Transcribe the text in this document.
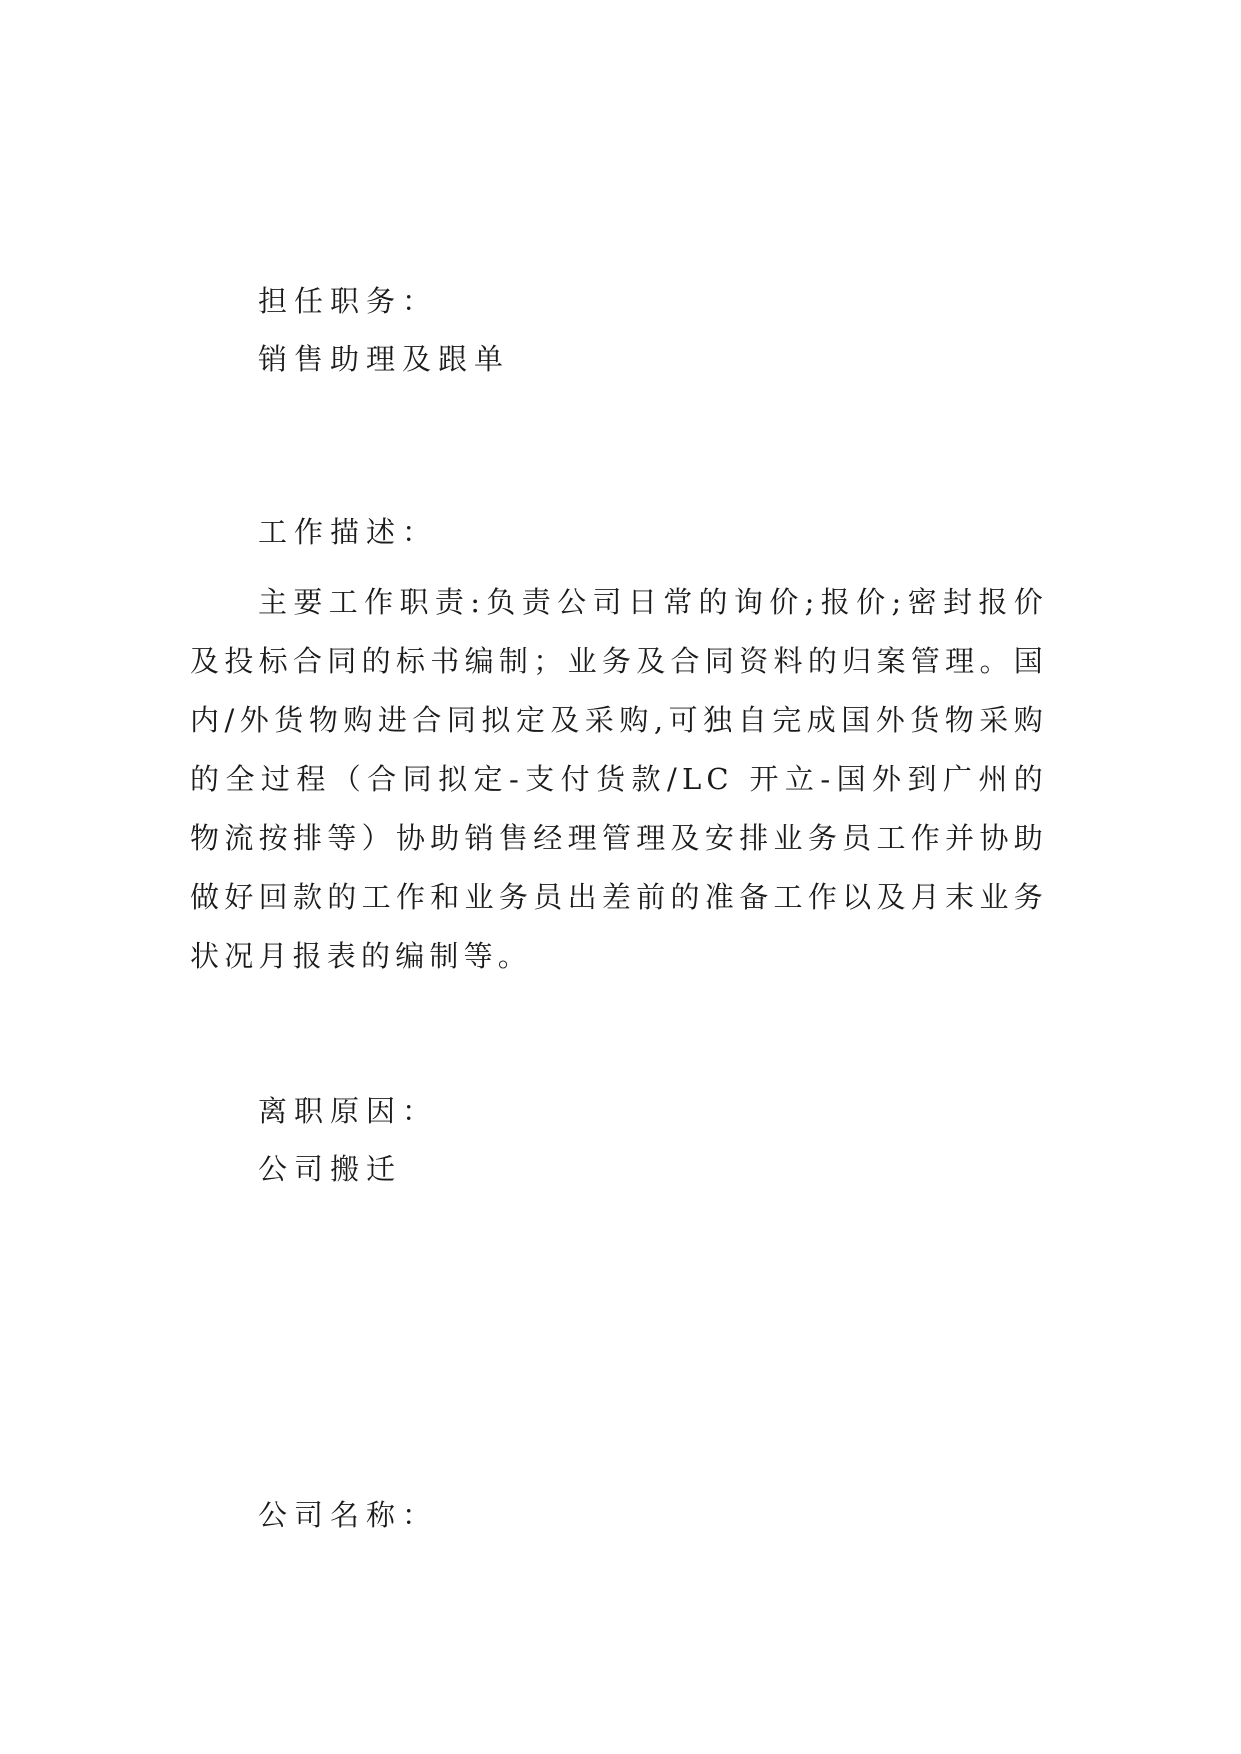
担任职务：
销售助理及跟单
工作描述：

主要工作职责:负责公司日常的询价;报价;密封报价及投标合同的标书编制；业务及合同资料的归案管理。国内/外货物购进合同拟定及采购,可独自完成国外货物采购的全过程（合同拟定-支付货款/LC 开立-国外到广州的物流按排等）协助销售经理管理及安排业务员工作并协助做好回款的工作和业务员出差前的准备工作以及月末业务状况月报表的编制等。

离职原因：
公司搬迁
公司名称：
